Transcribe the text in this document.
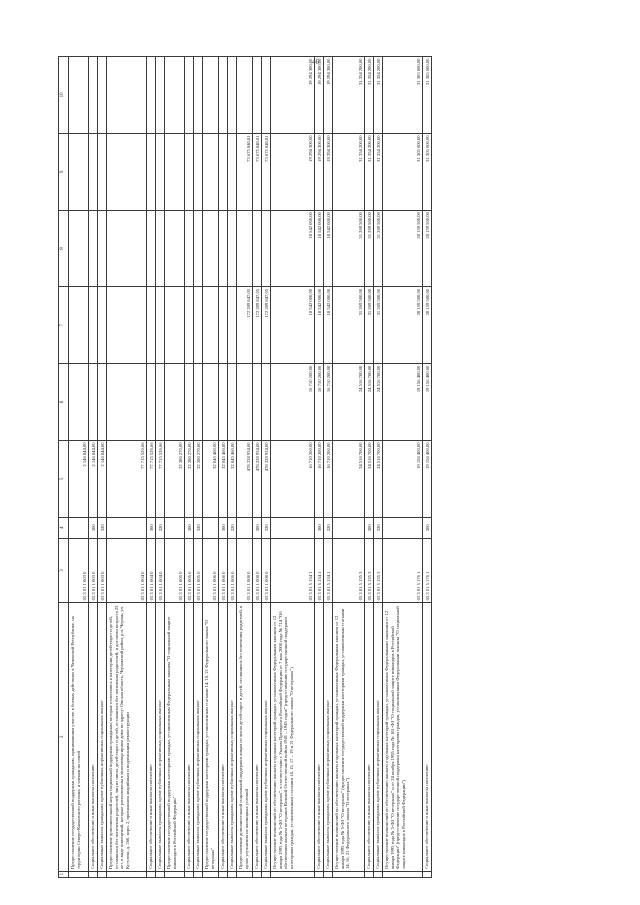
46
1	2	3	4	5	6	7	8	9	10
	Предоставление государственной поддержки гражданам, принимавшим участие в боевых действиях в Чеченской Республике, на территории Северо-Кавказского региона, и членам их семей	05 3 01 1 003 0		2 146 844,00					
	Социальное обеспечение и иные выплаты населению	05 3 01 1 003 0	300	2 146 844,00					
	Социальные выплаты гражданам, кроме публичных нормативных социальных выплат	05 3 01 1 003 0	320	2 146 844,00					
	Предоставление дополнительной меры социальной поддержки гражданам, которые относились к категории детей-сирот и детей, оставшихся без попечения родителей, лиц из числа детей-сирот и детей, оставшихся без попечения родителей, и достигли возраста 23 лет, в виде помещений, которые расположены в многоквартирном доме по адресу: Омская область, Черлакский район, р.п. Черлак, ул. Кутузова, д. 260, корп. 2, признанном аварийным и подлежащим реконструкции	05 3 01 1 004 0		77 715 526,66					
	Социальное обеспечение и иные выплаты населению	05 3 01 1 004 0	300	77 715 526,66					
	Социальные выплаты гражданам, кроме публичных нормативных социальных выплат	05 3 01 1 004 0	320	77 715 526,66					
	Предоставление государственной поддержки категориям граждан, установленным Федеральным законом "О социальной защите инвалидов в Российской Федерации"	05 3 01 1 005 0		22 280 270,00					
	Социальное обеспечение и иные выплаты населению	05 3 01 1 005 0	300	22 280 270,00					
	Социальные выплаты гражданам, кроме публичных нормативных социальных выплат	05 3 01 1 005 0	320	22 280 270,00					
	Предоставление государственной поддержки категориям граждан, установленным статьями 14, 16, 21 Федерального закона "О ветеранах"	05 3 01 1 006 0		32 045 460,00					
	Социальное обеспечение и иные выплаты населению	05 3 01 1 006 0	300	32 045 460,00					
	Социальные выплаты гражданам, кроме публичных нормативных социальных выплат	05 3 01 1 006 0	320	32 045 460,00					
	Предоставление дополнительной социальной поддержки лицам из числа детей-сирот и детей, оставшихся без попечения родителей, в целях улучшения их жилищных условий	05 3 01 1 008 0		478 228 934,00		172 289 847,05		73 675 840,81	
	Социальное обеспечение и иные выплаты населению	05 3 01 1 008 0	300	478 228 934,00		172 289 847,05		73 675 840,81	
	Социальные выплаты гражданам, кроме публичных нормативных социальных выплат	05 3 01 1 008 0	320	478 228 934,00		172 289 847,05		73 675 840,81	
	Осуществление полномочий по обеспечению жильем отдельных категорий граждан, установленных Федеральным законом от 12 января 1995 года № 5-ФЗ "О ветеранах", в соответствии с Указом Президента Российской Федерации от 7 мая 2008 года № 714 "Об обеспечении жильем ветеранов Великой Отечественной войны 1941 – 1945 годов" (предоставление государственной поддержки категориям граждан, установленным статьями 14, 15, 17 – 19 и 21 Федерального закона "О ветеранах")	05 3 01 5 134 1		16 710 200,00	16 710 200,00	18 542 000,00	18 542 000,00	19 294 300,00	19 294 300,00
	Социальное обеспечение и иные выплаты населению	05 3 01 5 134 1	300	16 710 200,00	16 710 200,00	18 542 000,00	18 542 000,00	19 294 300,00	19 294 300,00
	Социальные выплаты гражданам, кроме публичных нормативных социальных выплат	05 3 01 5 134 1	320	16 710 200,00	16 710 200,00	18 542 000,00	18 542 000,00	19 294 300,00	19 294 300,00
	Осуществление полномочий по обеспечению жильем отдельных категорий граждан, установленных Федеральным законом от 12 января 1995 года № 5-ФЗ "О ветеранах" (предоставление государственной поддержки категориям граждан, установленным статьями 14, 16, 21 Федерального закона "О ветеранах")	05 3 01 5 135 3		24 516 700,00	24 516 700,00	31 269 500,00	31 269 500,00	31 354 200,00	31 354 200,00
	Социальное обеспечение и иные выплаты населению	05 3 01 5 135 3	300	24 516 700,00	24 516 700,00	31 269 500,00	31 269 500,00	31 354 200,00	31 354 200,00
	Социальные выплаты гражданам, кроме публичных нормативных социальных выплат	05 3 01 5 135 3	320	24 516 700,00	24 516 700,00	31 269 500,00	31 269 500,00	31 354 200,00	31 354 200,00
	Осуществление полномочий по обеспечению жильем отдельных категорий граждан, установленных Федеральными законами от 12 января 1995 года № 5-ФЗ "О ветеранах" и от 24 ноября 1995 года № 181-ФЗ "О социальной защите инвалидов в Российской Федерации" (предоставление государственной поддержки категориям граждан, установленным Федеральным законом "О социальной защите инвалидов в Российской Федерации")	05 3 01 5 176 1		19 156 400,00	19 156 400,00	28 159 500,00	28 159 500,00	31 305 600,00	31 305 600,00
	Социальное обеспечение и иные выплаты населению	05 3 01 5 176 1	300	19 156 400,00	19 156 400,00	28 159 500,00	28 159 500,00	31 305 600,00	31 305 600,00
